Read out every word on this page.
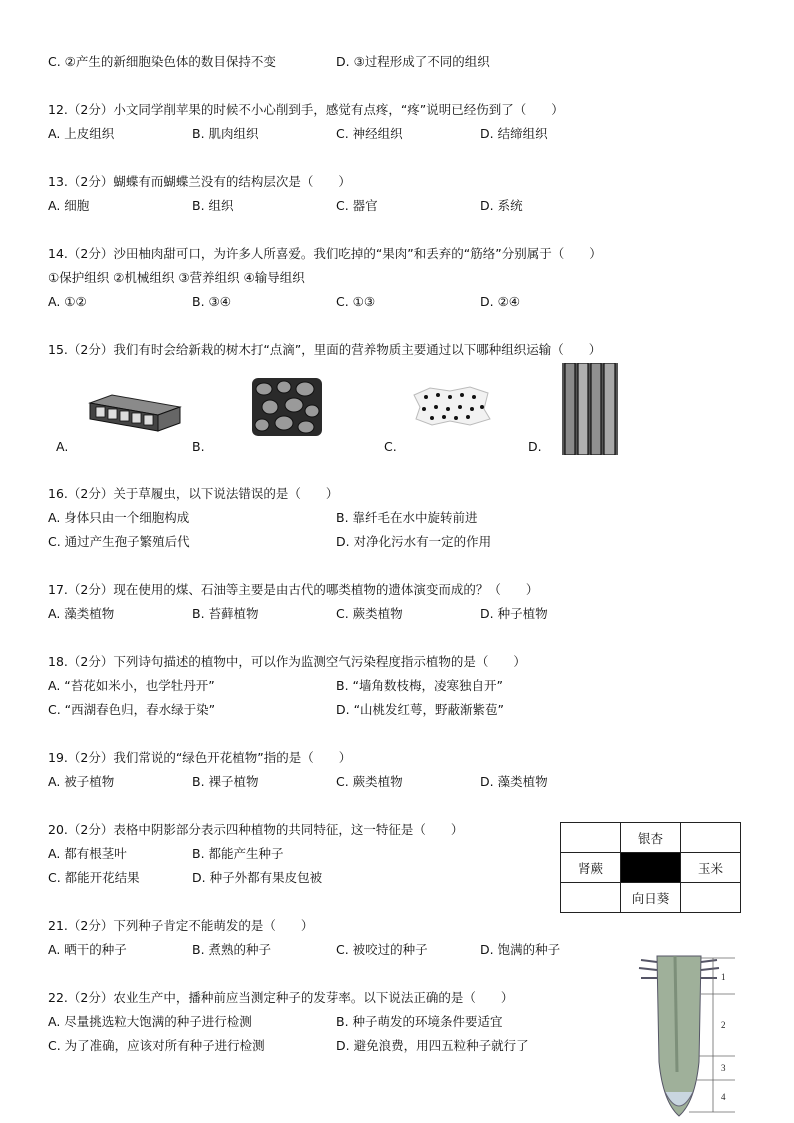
C. ②产生的新细胞染色体的数目保持不变	D. ③过程形成了不同的组织
12.（2分）小文同学削苹果的时候不小心削到手，感觉有点疼，“疼”说明已经伤到了（　　）
A. 上皮组织	B. 肌肉组织	C. 神经组织	D. 结缔组织
13.（2分）蝴蝶有而蝴蝶兰没有的结构层次是（　　）
A. 细胞	B. 组织	C. 器官	D. 系统
14.（2分）沙田柚肉甜可口，为许多人所喜爱。我们吃掉的“果肉”和丢弃的“筋络”分别属于（　　）
①保护组织 ②机械组织 ③营养组织 ④输导组织
A. ①②	B. ③④	C. ①③	D. ②④
15.（2分）我们有时会给新栽的树木打“点滴”，里面的营养物质主要通过以下哪种组织运输（　　）
A.	B.	C.	D.
16.（2分）关于草履虫，以下说法错误的是（　　）
A. 身体只由一个细胞构成	B. 靠纤毛在水中旋转前进
C. 通过产生孢子繁殖后代	D. 对净化污水有一定的作用
17.（2分）现在使用的煤、石油等主要是由古代的哪类植物的遗体演变而成的？（　　）
A. 藻类植物	B. 苔藓植物	C. 蕨类植物	D. 种子植物
18.（2分）下列诗句描述的植物中，可以作为监测空气污染程度指示植物的是（　　）
A. “苔花如米小，也学牡丹开”	B. “墙角数枝梅，凌寒独自开”
C. “西湖春色归，春水绿于染”	D. “山桃发红萼，野蔽渐紫苞”
19.（2分）我们常说的“绿色开花植物”指的是（　　）
A. 被子植物	B. 裸子植物	C. 蕨类植物	D. 藻类植物
20.（2分）表格中阴影部分表示四种植物的共同特征，这一特征是（　　）
A. 都有根茎叶	B. 都能产生种子
C. 都能开花结果	D. 种子外都有果皮包被
	银杏	
肾蕨		玉米
	向日葵	
21.（2分）下列种子肯定不能萌发的是（　　）
A. 晒干的种子	B. 煮熟的种子	C. 被咬过的种子	D. 饱满的种子
22.（2分）农业生产中，播种前应当测定种子的发芽率。以下说法正确的是（　　）
A. 尽量挑选粒大饱满的种子进行检测	B. 种子萌发的环境条件要适宜
C. 为了准确，应该对所有种子进行检测	D. 避免浪费，用四五粒种子就行了
1
2
3
4
